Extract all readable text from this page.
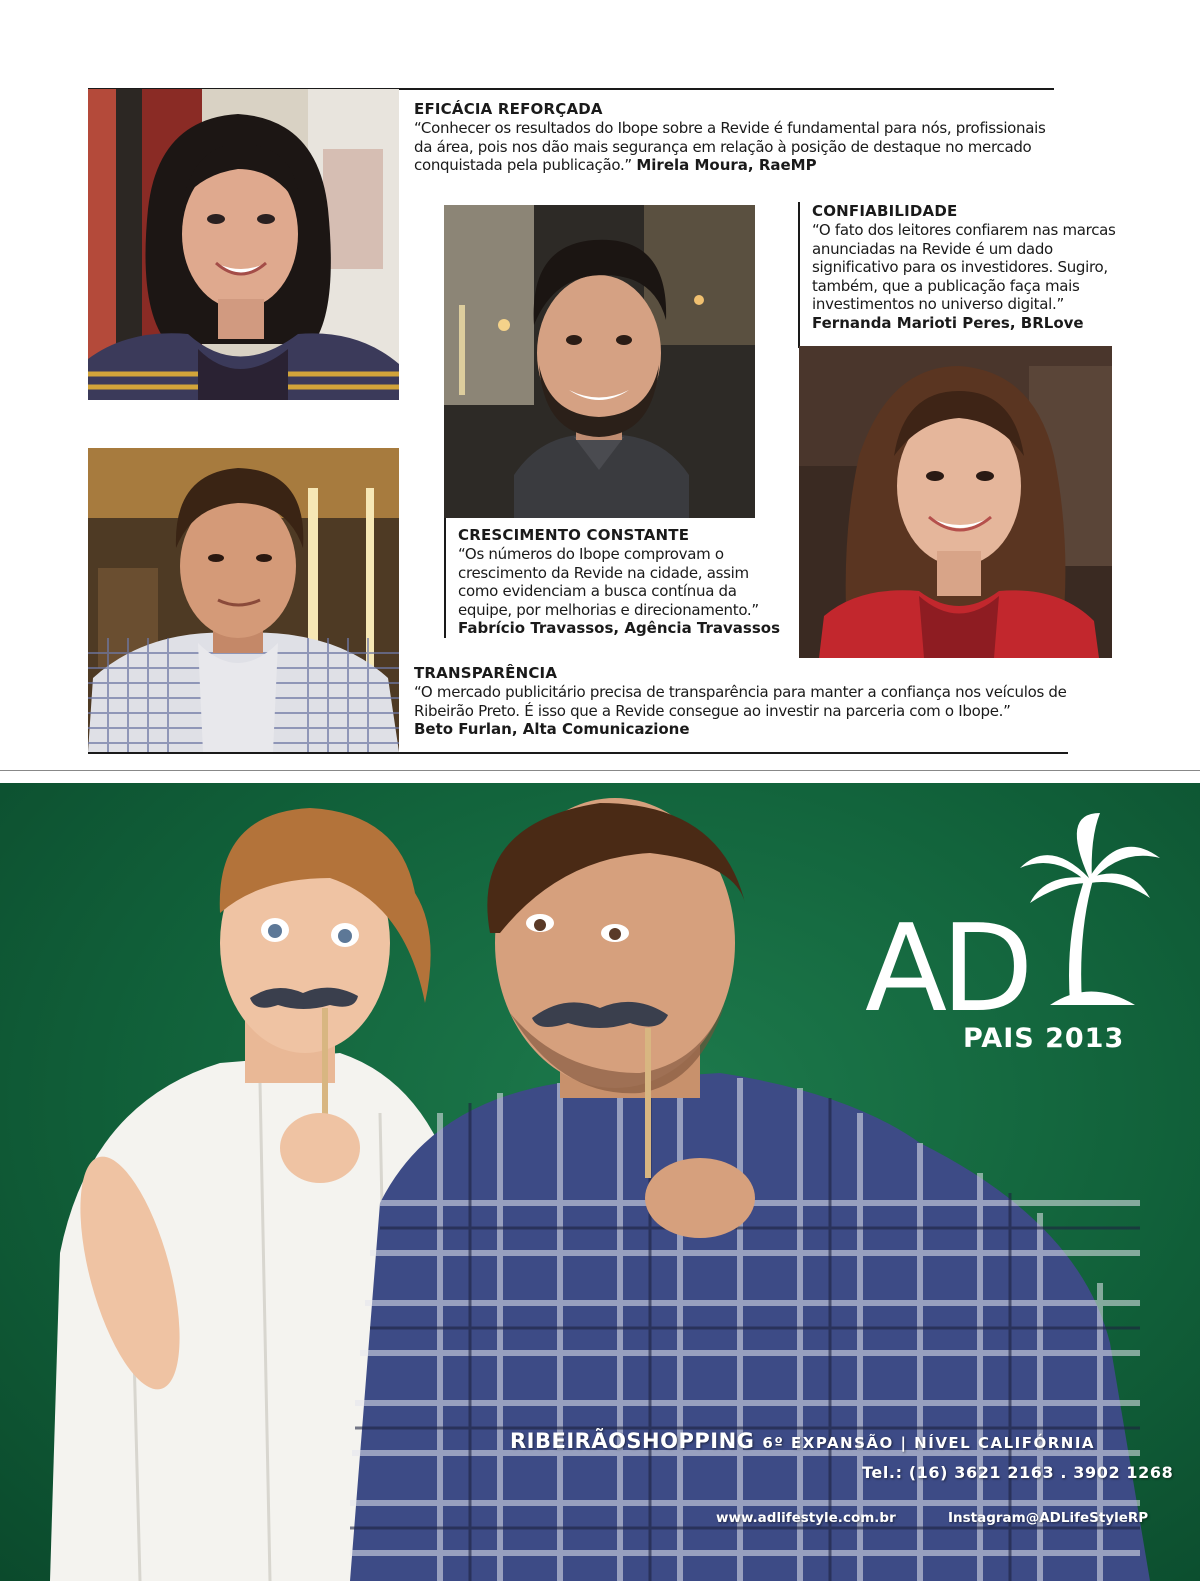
EFICÁCIA REFORÇADA

“Conhecer os resultados do Ibope sobre a Revide é fundamental para nós, profissionais da área, pois nos dão mais segurança em relação à posição de destaque no mercado conquistada pela publicação.” Mirela Moura, RaeMP

CONFIABILIDADE

“O fato dos leitores confiarem nas marcas anunciadas na Revide é um dado significativo para os investidores. Sugiro, também, que a publicação faça mais investimentos no universo digital.”
Fernanda Marioti Peres, BRLove

CRESCIMENTO CONSTANTE

“Os números do Ibope comprovam o crescimento da Revide na cidade, assim como evidenciam a busca contínua da equipe, por melhorias e direcionamento.”
Fabrício Travassos, Agência Travassos

TRANSPARÊNCIA

“O mercado publicitário precisa de transparência para manter a confiança nos veículos de Ribeirão Preto. É isso que a Revide consegue ao investir na parceria com o Ibope.”
Beto Furlan, Alta Comunicazione

AD
PAIS 2013
RIBEIRÃOSHOPPING 6º EXPANSÃO | NÍVEL CALIFÓRNIA
Tel.: (16) 3621 2163 . 3902 1268
www.adlifestyle.com.br	Instagram@ADLifeStyleRP
